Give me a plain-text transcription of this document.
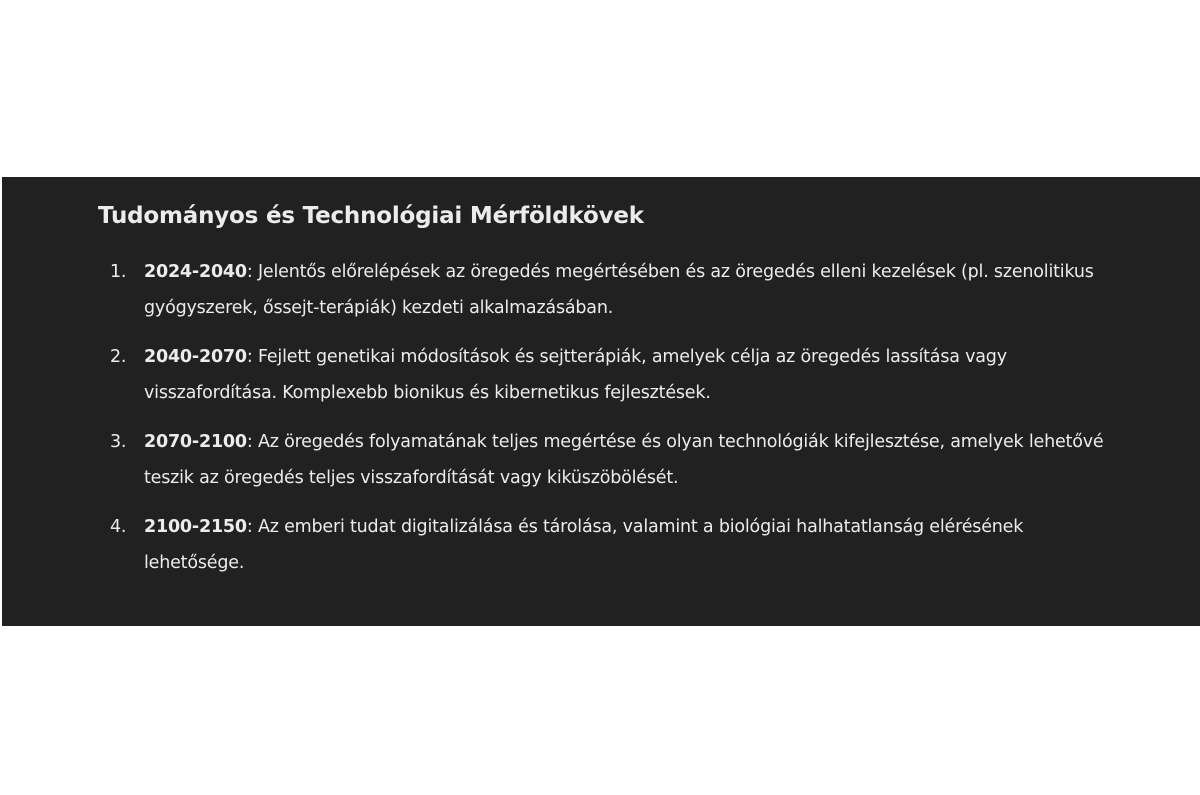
Tudományos és Technológiai Mérföldkövek
1. 2024-2040: Jelentős előrelépések az öregedés megértésében és az öregedés elleni kezelések (pl. szenolitikus gyógyszerek, őssejt-terápiák) kezdeti alkalmazásában.
2. 2040-2070: Fejlett genetikai módosítások és sejtterápiák, amelyek célja az öregedés lassítása vagy visszafordítása. Komplexebb bionikus és kibernetikus fejlesztések.
3. 2070-2100: Az öregedés folyamatának teljes megértése és olyan technológiák kifejlesztése, amelyek lehetővé teszik az öregedés teljes visszafordítását vagy kiküszöbölését.
4. 2100-2150: Az emberi tudat digitalizálása és tárolása, valamint a biológiai halhatatlanság elérésének lehetősége.
